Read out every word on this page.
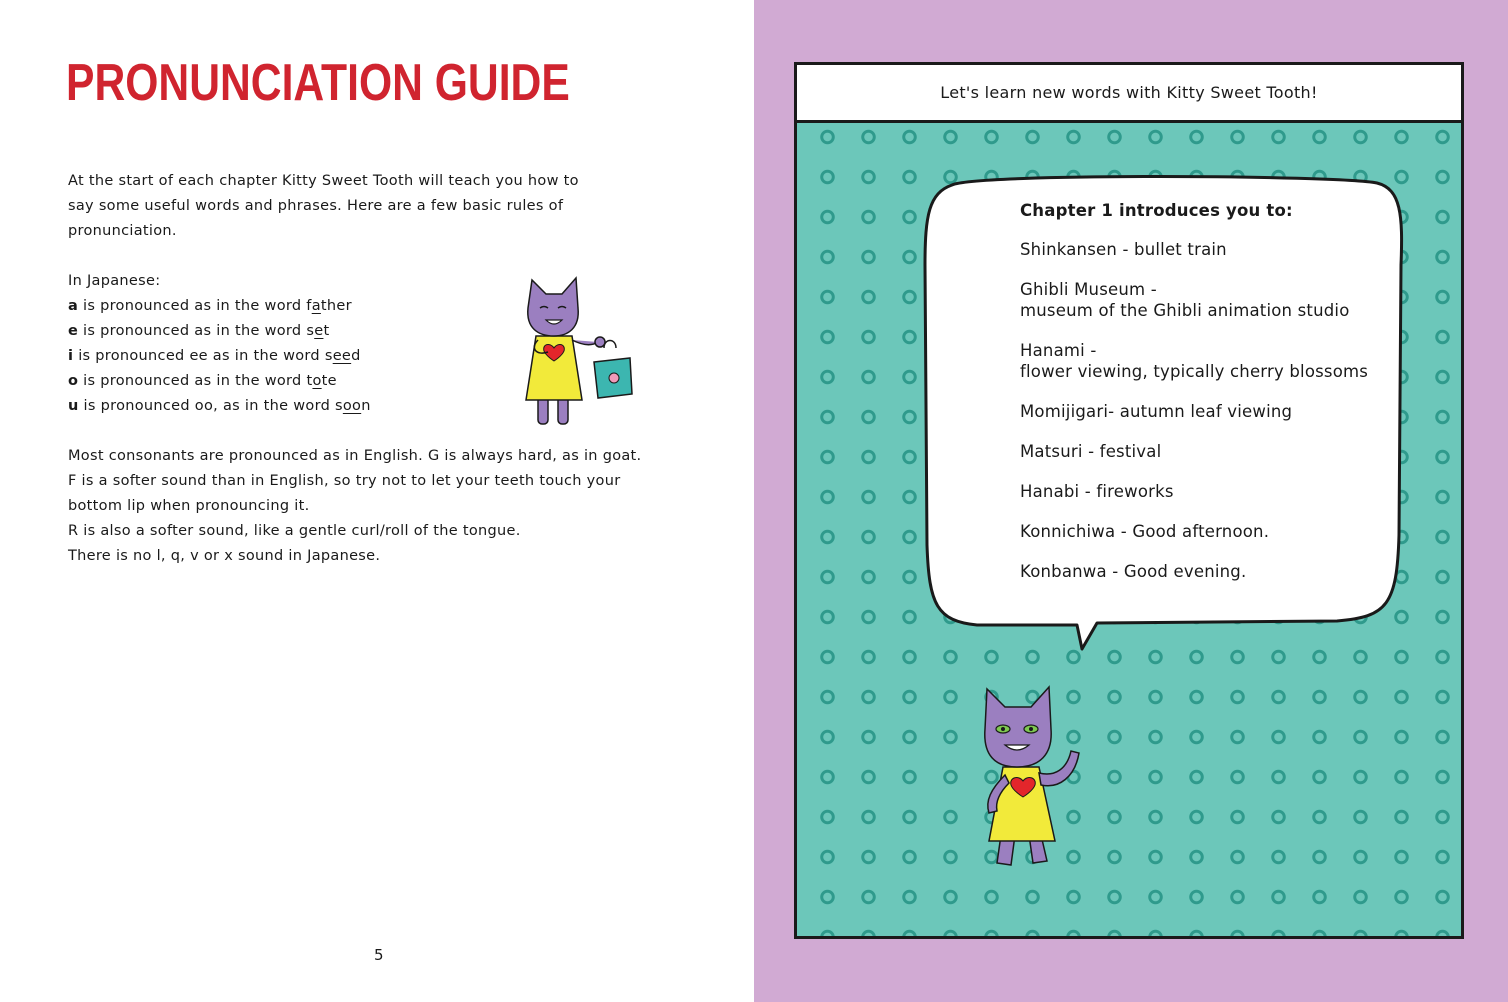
PRONUNCIATION GUIDE

At the start of each chapter Kitty Sweet Tooth will teach you how to

say some useful words and phrases. Here are a few basic rules of

pronunciation.

In Japanese:
a is pronounced as in the word father
e is pronounced as in the word set
i is pronounced ee as in the word seed
o is pronounced as in the word tote
u is pronounced oo, as in the word soon

Most consonants are pronounced as in English. G is always hard, as in goat.

F is a softer sound than in English, so try not to let your teeth touch your

bottom lip when pronouncing it.

R is also a softer sound, like a gentle curl/roll of the tongue.

There is no l, q, v or x sound in Japanese.

5
Let's learn new words with Kitty Sweet Tooth!
Chapter 1 introduces you to:
Shinkansen - bullet train
Ghibli Museum -
museum of the Ghibli animation studio
Hanami -
flower viewing, typically cherry blossoms
Momijigari- autumn leaf viewing
Matsuri - festival
Hanabi - fireworks
Konnichiwa - Good afternoon.
Konbanwa - Good evening.
